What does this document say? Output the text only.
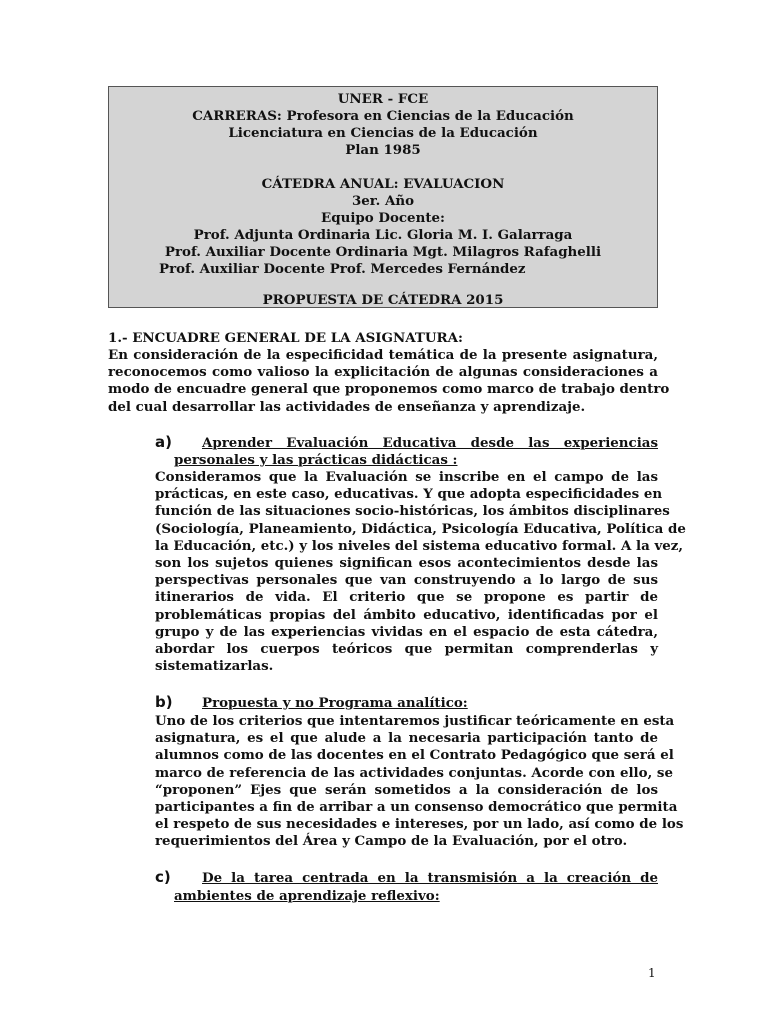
UNER - FCE
CARRERAS: Profesora en Ciencias de la Educación
Licenciatura en Ciencias de la Educación
Plan 1985
CÁTEDRA ANUAL: EVALUACION
3er. Año
Equipo Docente:
Prof. Adjunta Ordinaria Lic. Gloria M. I. Galarraga
Prof. Auxiliar Docente Ordinaria Mgt. Milagros Rafaghelli
Prof. Auxiliar Docente Prof. Mercedes Fernández
PROPUESTA DE CÁTEDRA 2015
1.- ENCUADRE GENERAL DE LA ASIGNATURA:
En consideración de la especificidad temática de la presente asignatura,
reconocemos como valioso la explicitación de algunas consideraciones a
modo de encuadre general que proponemos como marco de trabajo dentro
del cual desarrollar las actividades de enseñanza y aprendizaje.
a) Aprender Evaluación Educativa desde las experiencias
personales y las prácticas didácticas :
Consideramos que la Evaluación se inscribe en el campo de las
prácticas, en este caso, educativas. Y que adopta especificidades en
función de las situaciones socio-históricas, los ámbitos disciplinares
(Sociología, Planeamiento, Didáctica, Psicología Educativa, Política de
la Educación, etc.) y los niveles del sistema educativo formal. A la vez,
son los sujetos quienes significan esos acontecimientos desde las
perspectivas personales que van construyendo a lo largo de sus
itinerarios de vida. El criterio que se propone es partir de
problemáticas propias del ámbito educativo, identificadas por el
grupo y de las experiencias vividas en el espacio de esta cátedra,
abordar los cuerpos teóricos que permitan comprenderlas y
sistematizarlas.
b) Propuesta y no Programa analítico:
Uno de los criterios que intentaremos justificar teóricamente en esta
asignatura, es el que alude a la necesaria participación tanto de
alumnos como de las docentes en el Contrato Pedagógico que será el
marco de referencia de las actividades conjuntas. Acorde con ello, se
“proponen” Ejes que serán sometidos a la consideración de los
participantes a fin de arribar a un consenso democrático que permita
el respeto de sus necesidades e intereses, por un lado, así como de los
requerimientos del Área y Campo de la Evaluación, por el otro.
c) De la tarea centrada en la transmisión a la creación de
ambientes de aprendizaje reflexivo:
1
